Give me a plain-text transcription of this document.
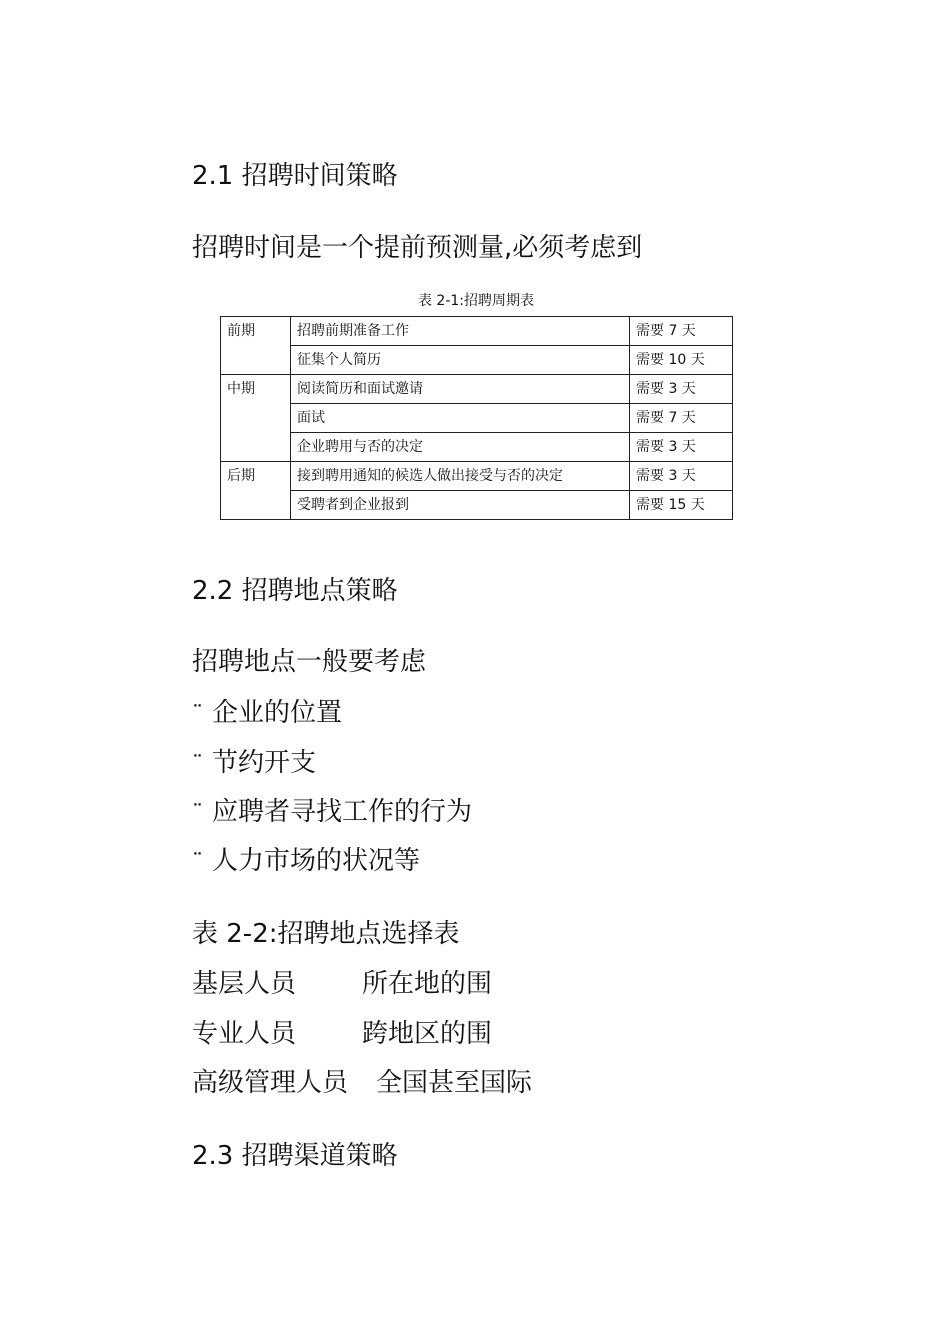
2.1 招聘时间策略
招聘时间是一个提前预测量,必须考虑到
表 2-1:招聘周期表
前期	招聘前期准备工作	需要 7 天
	征集个人简历	需要 10 天
中期	阅读简历和面试邀请	需要 3 天
	面试	需要 7 天
	企业聘用与否的决定	需要 3 天
后期	接到聘用通知的候选人做出接受与否的决定	需要 3 天
	受聘者到企业报到	需要 15 天
2.2 招聘地点策略
招聘地点一般要考虑
¨ 企业的位置
¨ 节约开支
¨ 应聘者寻找工作的行为
¨ 人力市场的状况等
表 2-2:招聘地点选择表
基层人员	所在地的围
专业人员	跨地区的围
高级管理人员 全国甚至国际
2.3 招聘渠道策略
